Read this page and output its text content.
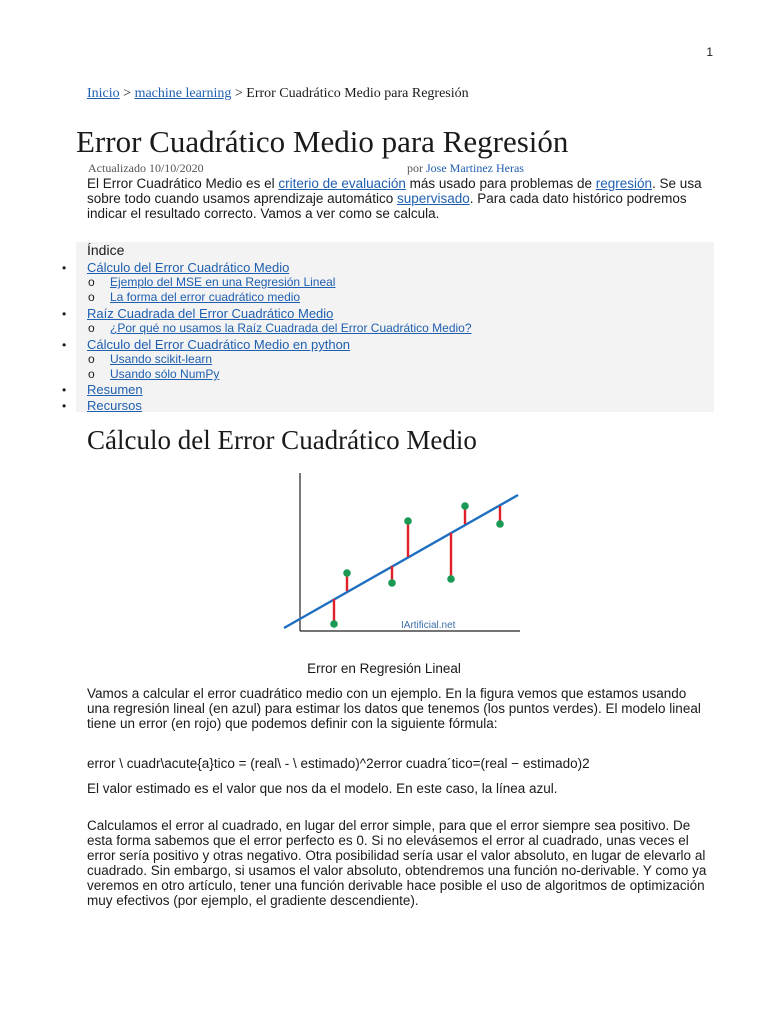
1
Inicio > machine learning > Error Cuadrático Medio para Regresión
Error Cuadrático Medio para Regresión
Actualizado 10/10/2020	por Jose Martinez Heras
El Error Cuadrático Medio es el criterio de evaluación más usado para problemas de regresión. Se usa sobre todo cuando usamos aprendizaje automático supervisado. Para cada dato histórico podremos indicar el resultado correcto. Vamos a ver como se calcula.
Índice
• Cálculo del Error Cuadrático Medio
o Ejemplo del MSE en una Regresión Lineal
o La forma del error cuadrático medio
• Raíz Cuadrada del Error Cuadrático Medio
o ¿Por qué no usamos la Raíz Cuadrada del Error Cuadrático Medio?
• Cálculo del Error Cuadrático Medio en python
o Usando scikit-learn
o Usando sólo NumPy
• Resumen
• Recursos
Cálculo del Error Cuadrático Medio
IArtificial.net
Error en Regresión Lineal
Vamos a calcular el error cuadrático medio con un ejemplo. En la figura vemos que estamos usando una regresión lineal (en azul) para estimar los datos que tenemos (los puntos verdes). El modelo lineal tiene un error (en rojo) que podemos definir con la siguiente fórmula:
error \ cuadr\acute{a}tico = (real\ - \ estimado)^2error cuadra´tico=(real − estimado)2
El valor estimado es el valor que nos da el modelo. En este caso, la línea azul.
Calculamos el error al cuadrado, en lugar del error simple, para que el error siempre sea positivo. De esta forma sabemos que el error perfecto es 0. Si no elevásemos el error al cuadrado, unas veces el error sería positivo y otras negativo. Otra posibilidad sería usar el valor absoluto, en lugar de elevarlo al cuadrado. Sin embargo, si usamos el valor absoluto, obtendremos una función no-derivable. Y como ya veremos en otro artículo, tener una función derivable hace posible el uso de algoritmos de optimización muy efectivos (por ejemplo, el gradiente descendiente).
